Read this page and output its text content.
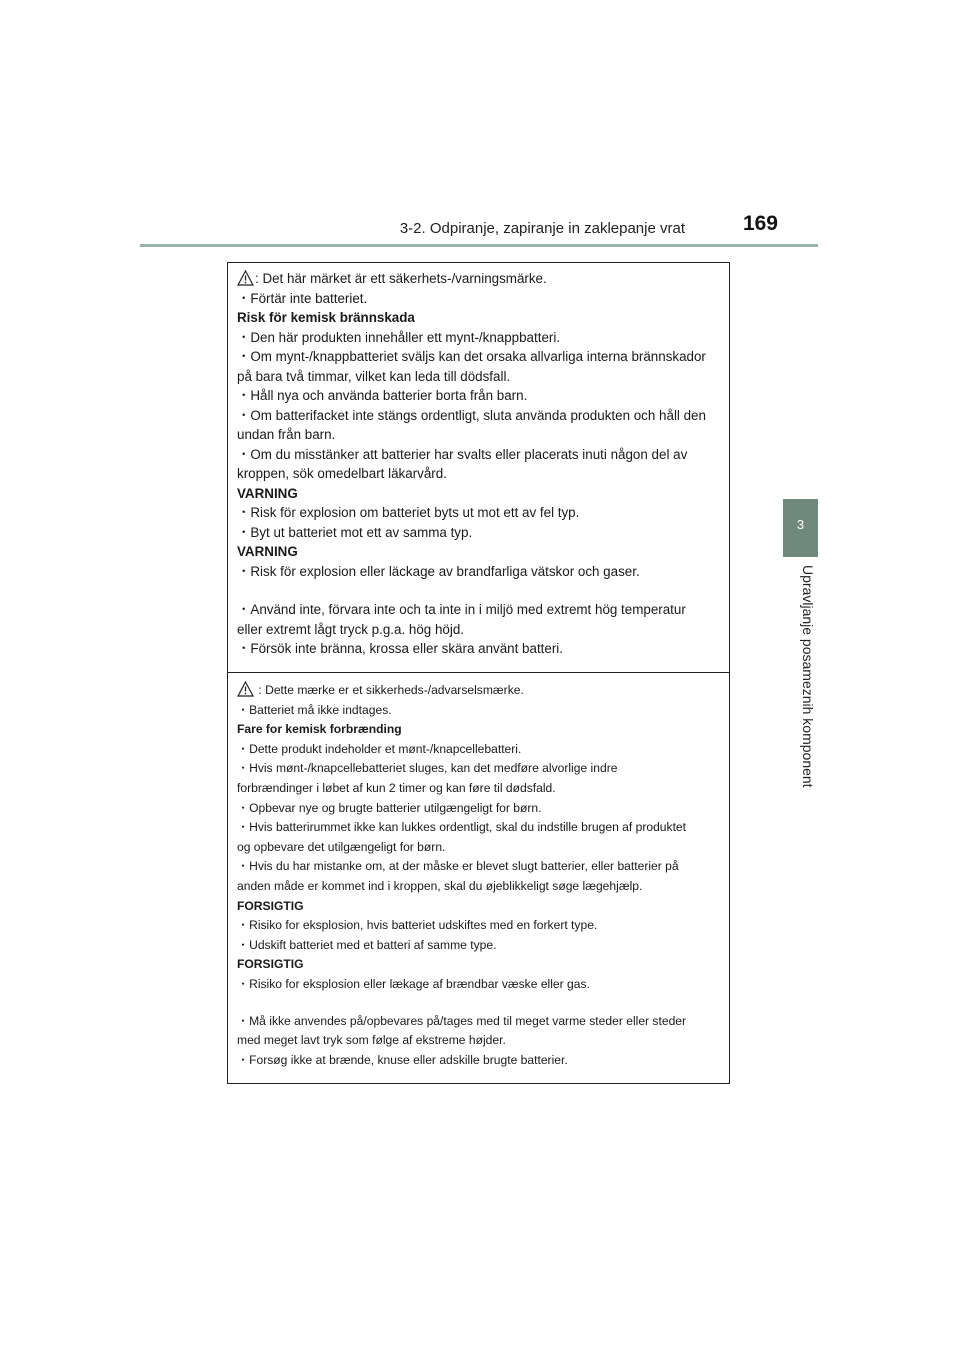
3-2. Odpiranje, zapiranje in zaklepanje vrat	169
3
Upravljanje posameznih komponent
: Det här märket är ett säkerhets-/varningsmärke.
・Förtär inte batteriet.
Risk för kemisk brännskada
・Den här produkten innehåller ett mynt-/knappbatteri.
・Om mynt-/knappbatteriet sväljs kan det orsaka allvarliga interna brännskador
på bara två timmar, vilket kan leda till dödsfall.
・Håll nya och använda batterier borta från barn.
・Om batterifacket inte stängs ordentligt, sluta använda produkten och håll den
undan från barn.
・Om du misstänker att batterier har svalts eller placerats inuti någon del av
kroppen, sök omedelbart läkarvård.
VARNING
・Risk för explosion om batteriet byts ut mot ett av fel typ.
・Byt ut batteriet mot ett av samma typ.
VARNING
・Risk för explosion eller läckage av brandfarliga vätskor och gaser.
・Använd inte, förvara inte och ta inte in i miljö med extremt hög temperatur
eller extremt lågt tryck p.g.a. hög höjd.
・Försök inte bränna, krossa eller skära använt batteri.
: Dette mærke er et sikkerheds-/advarselsmærke.
・Batteriet må ikke indtages.
Fare for kemisk forbrænding
・Dette produkt indeholder et mønt-/knapcellebatteri.
・Hvis mønt-/knapcellebatteriet sluges, kan det medføre alvorlige indre
forbrændinger i løbet af kun 2 timer og kan føre til dødsfald.
・Opbevar nye og brugte batterier utilgængeligt for børn.
・Hvis batterirummet ikke kan lukkes ordentligt, skal du indstille brugen af produktet
og opbevare det utilgængeligt for børn.
・Hvis du har mistanke om, at der måske er blevet slugt batterier, eller batterier på
anden måde er kommet ind i kroppen, skal du øjeblikkeligt søge lægehjælp.
FORSIGTIG
・Risiko for eksplosion, hvis batteriet udskiftes med en forkert type.
・Udskift batteriet med et batteri af samme type.
FORSIGTIG
・Risiko for eksplosion eller lækage af brændbar væske eller gas.
・Må ikke anvendes på/opbevares på/tages med til meget varme steder eller steder
med meget lavt tryk som følge af ekstreme højder.
・Forsøg ikke at brænde, knuse eller adskille brugte batterier.
